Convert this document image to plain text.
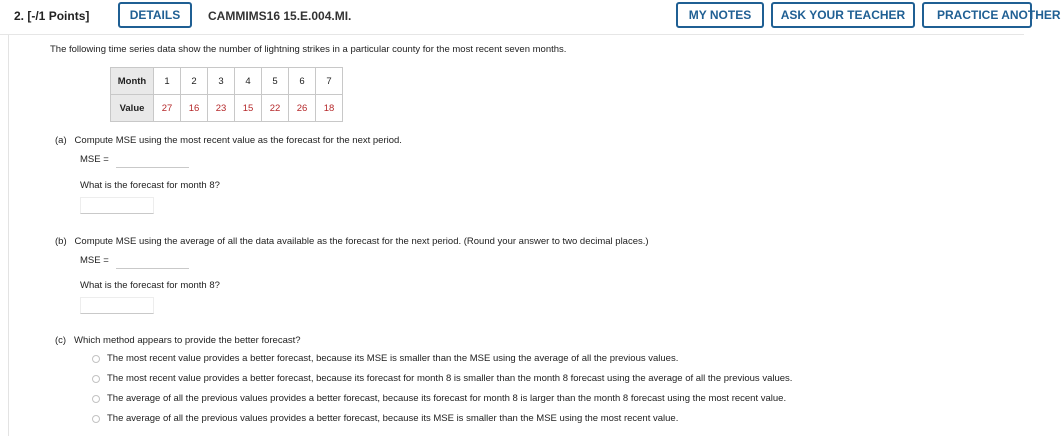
2. [-/1 Points]	DETAILS	CAMMIMS16 15.E.004.MI.	MY NOTES	ASK YOUR TEACHER	PRACTICE ANOTHER
The following time series data show the number of lightning strikes in a particular county for the most recent seven months.
Month	1	2	3	4	5	6	7
Value	27	16	23	15	22	26	18
(a) Compute MSE using the most recent value as the forecast for the next period.
MSE =
What is the forecast for month 8?
(b) Compute MSE using the average of all the data available as the forecast for the next period. (Round your answer to two decimal places.)
MSE =
What is the forecast for month 8?
(c) Which method appears to provide the better forecast?
The most recent value provides a better forecast, because its MSE is smaller than the MSE using the average of all the previous values.
The most recent value provides a better forecast, because its forecast for month 8 is smaller than the month 8 forecast using the average of all the previous values.
The average of all the previous values provides a better forecast, because its forecast for month 8 is larger than the month 8 forecast using the most recent value.
The average of all the previous values provides a better forecast, because its MSE is smaller than the MSE using the most recent value.
